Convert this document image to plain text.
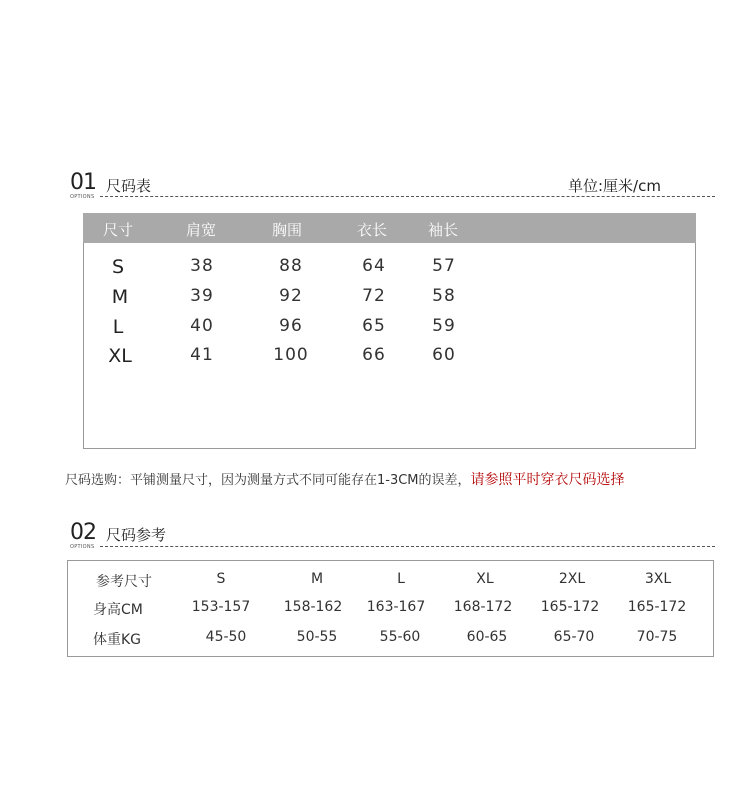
01
OPTIONS
尺码表	单位:厘米/cm
尺寸	肩宽	胸围	衣长	袖长
S	38	88	64	57
M	39	92	72	58
L	40	96	65	59
XL	41	100	66	60
尺码选购：平铺测量尺寸，因为测量方式不同可能存在1-3CM的误差，请参照平时穿衣尺码选择
02
OPTIONS
尺码参考
参考尺寸	S	M	L	XL	2XL	3XL
身高CM	153-157	158-162	163-167	168-172	165-172	165-172
体重KG	45-50	50-55	55-60	60-65	65-70	70-75
